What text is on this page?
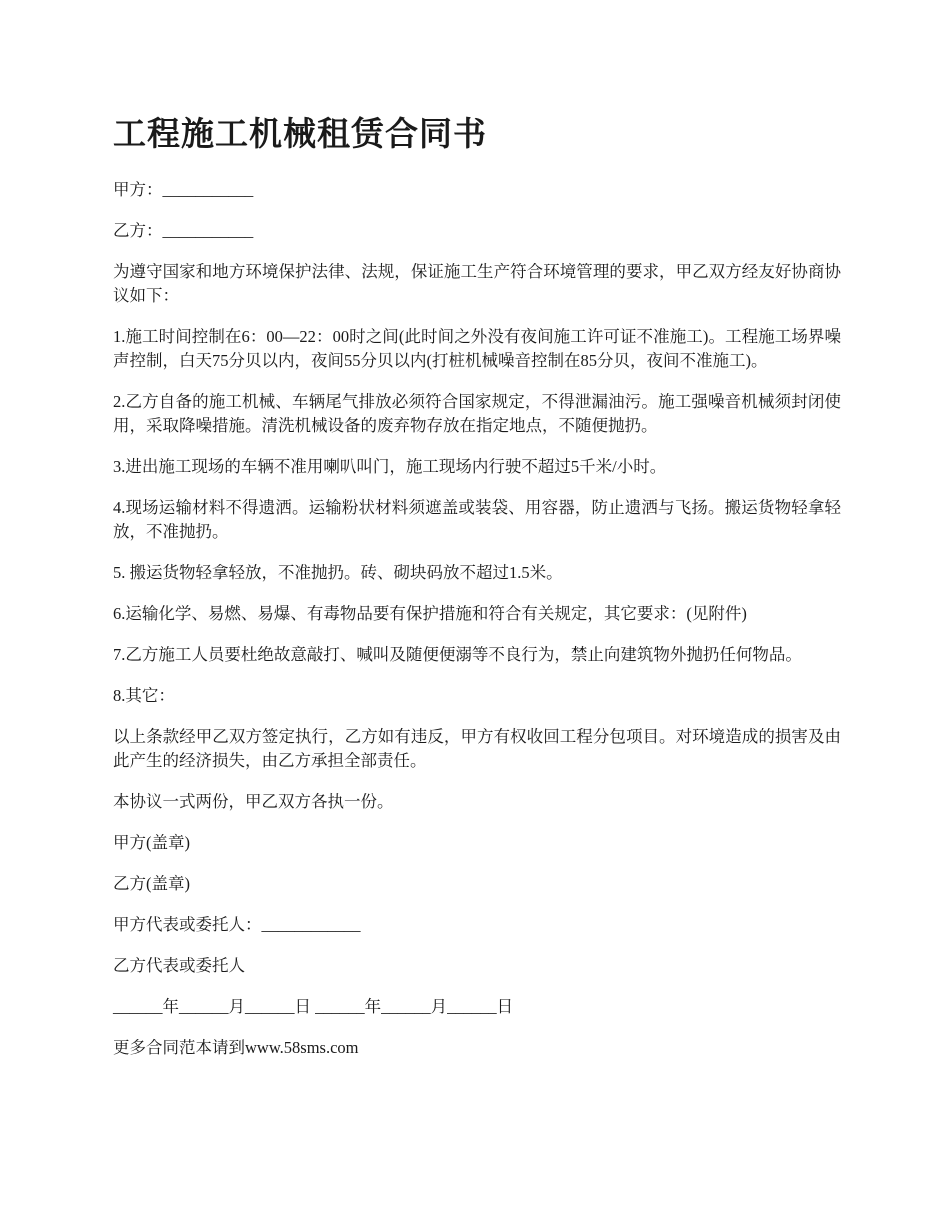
工程施工机械租赁合同书

甲方：___________

乙方：___________

为遵守国家和地方环境保护法律、法规，保证施工生产符合环境管理的要求，甲乙双方经友好协商协议如下：

1.施工时间控制在6：00—22：00时之间(此时间之外没有夜间施工许可证不准施工)。工程施工场界噪声控制，白天75分贝以内，夜间55分贝以内(打桩机械噪音控制在85分贝，夜间不准施工)。

2.乙方自备的施工机械、车辆尾气排放必须符合国家规定，不得泄漏油污。施工强噪音机械须封闭使用，采取降噪措施。清洗机械设备的废弃物存放在指定地点，不随便抛扔。

3.进出施工现场的车辆不准用喇叭叫门，施工现场内行驶不超过5千米/小时。

4.现场运输材料不得遗洒。运输粉状材料须遮盖或装袋、用容器，防止遗洒与飞扬。搬运货物轻拿轻放，不准抛扔。

5. 搬运货物轻拿轻放，不准抛扔。砖、砌块码放不超过1.5米。

6.运输化学、易燃、易爆、有毒物品要有保护措施和符合有关规定，其它要求：(见附件)

7.乙方施工人员要杜绝故意敲打、喊叫及随便便溺等不良行为，禁止向建筑物外抛扔任何物品。

8.其它：

以上条款经甲乙双方签定执行，乙方如有违反，甲方有权收回工程分包项目。对环境造成的损害及由此产生的经济损失，由乙方承担全部责任。

本协议一式两份，甲乙双方各执一份。

甲方(盖章)

乙方(盖章)

甲方代表或委托人：____________

乙方代表或委托人

______年______月______日 ______年______月______日

更多合同范本请到www.58sms.com
